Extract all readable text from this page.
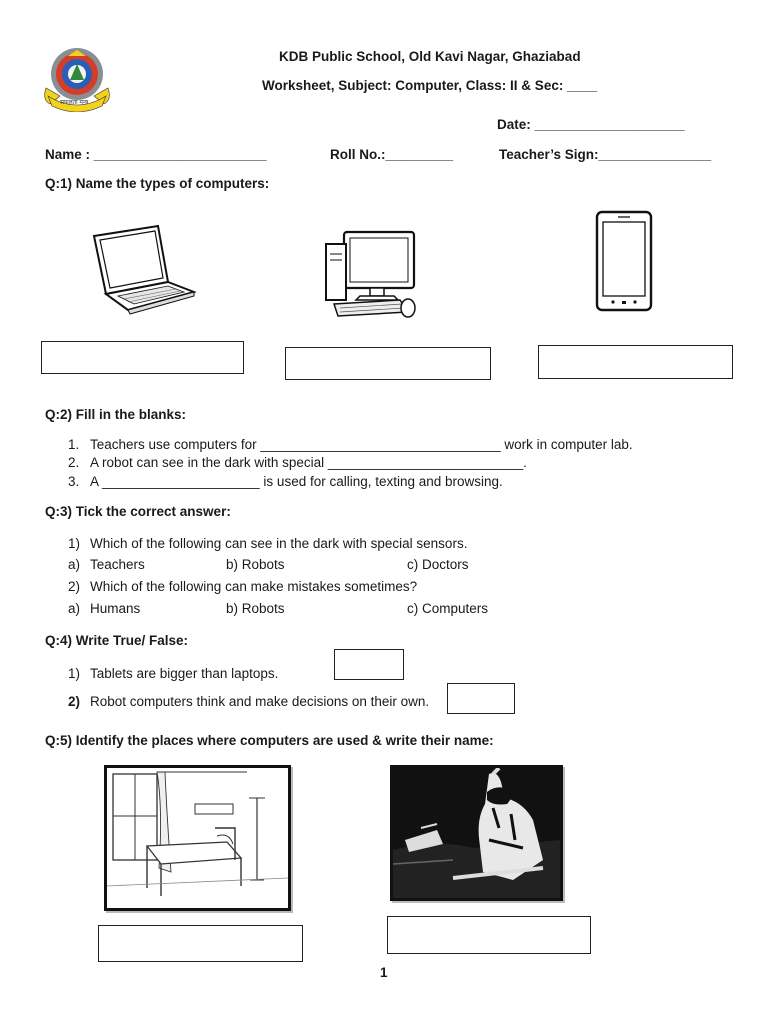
सफलता मन्त्र
KDB Public School, Old Kavi Nagar, Ghaziabad
Worksheet, Subject: Computer, Class: II & Sec: ____
Date: ____________________
Name : _______________________	Roll No.:_________	Teacher’s Sign:_______________
Q:1) Name the types of computers:
Q:2) Fill in the blanks:
1. Teachers use computers for ________________________________ work in computer lab.
2. A robot can see in the dark with special __________________________.
3. A _____________________ is used for calling, texting and browsing.
Q:3) Tick the correct answer:
1) Which of the following can see in the dark with special sensors.
a) Teachers	b) Robots	c) Doctors
2) Which of the following can make mistakes sometimes?
a) Humans	b) Robots	c) Computers
Q:4) Write True/ False:
1) Tablets are bigger than laptops.
2) Robot computers think and make decisions on their own.
Q:5) Identify the places where computers are used & write their name:
1
